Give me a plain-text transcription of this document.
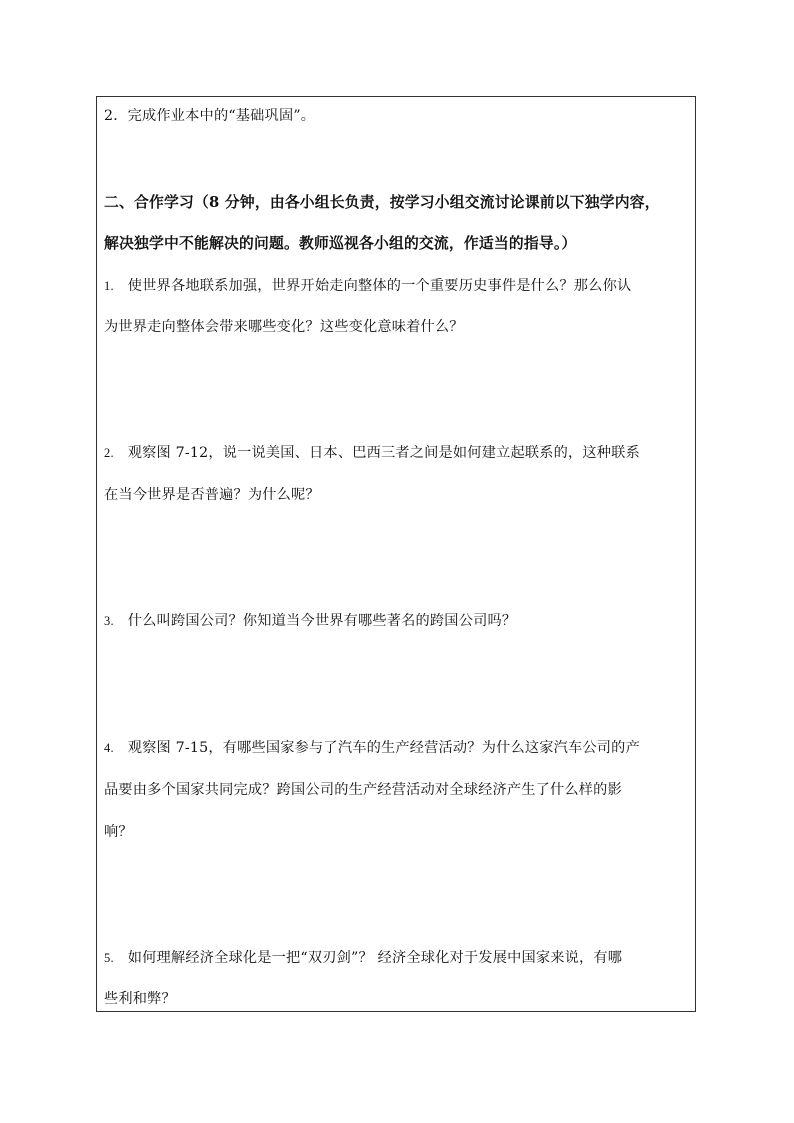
2．完成作业本中的“基础巩固”。

二、合作学习（8 分钟，由各小组长负责，按学习小组交流讨论课前以下独学内容，

解决独学中不能解决的问题。教师巡视各小组的交流，作适当的指导。）

1. 使世界各地联系加强，世界开始走向整体的一个重要历史事件是什么？那么你认

为世界走向整体会带来哪些变化？这些变化意味着什么？

2. 观察图 7-12，说一说美国、日本、巴西三者之间是如何建立起联系的，这种联系

在当今世界是否普遍？为什么呢？

3. 什么叫跨国公司？你知道当今世界有哪些著名的跨国公司吗？

4. 观察图 7-15，有哪些国家参与了汽车的生产经营活动？为什么这家汽车公司的产

品要由多个国家共同完成？跨国公司的生产经营活动对全球经济产生了什么样的影

响？

5. 如何理解经济全球化是一把“双刃剑”？ 经济全球化对于发展中国家来说，有哪

些利和弊？
